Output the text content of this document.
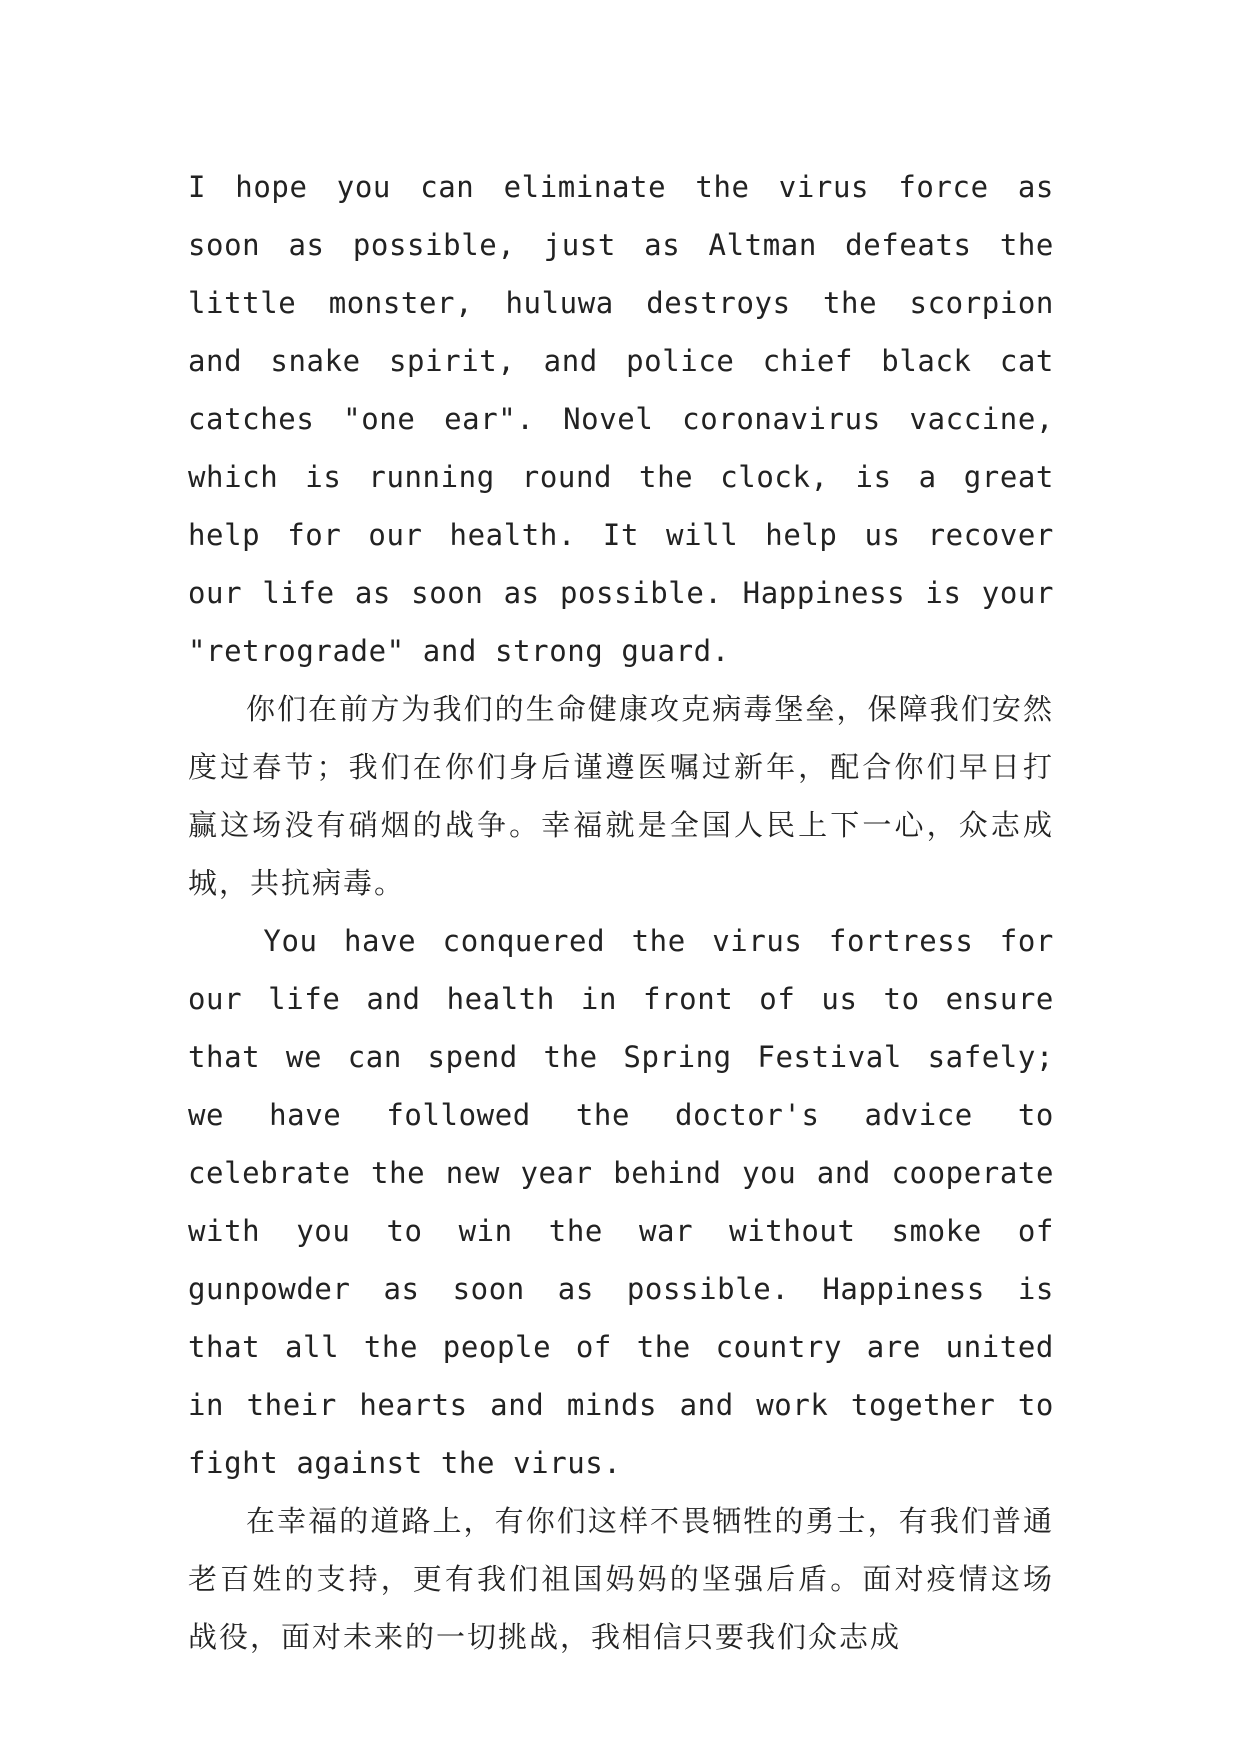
I hope you can eliminate the virus force as soon as possible, just as Altman defeats the little monster, huluwa destroys the scorpion and snake spirit, and police chief black cat catches "one ear". Novel coronavirus vaccine, which is running round the clock, is a great help for our health. It will help us recover our life as soon as possible. Happiness is your "retrograde" and strong guard.

你们在前方为我们的生命健康攻克病毒堡垒，保障我们安然度过春节；我们在你们身后谨遵医嘱过新年，配合你们早日打赢这场没有硝烟的战争。幸福就是全国人民上下一心，众志成城，共抗病毒。

You have conquered the virus fortress for our life and health in front of us to ensure that we can spend the Spring Festival safely; we have followed the doctor's advice to celebrate the new year behind you and cooperate with you to win the war without smoke of gunpowder as soon as possible. Happiness is that all the people of the country are united in their hearts and minds and work together to fight against the virus.

在幸福的道路上，有你们这样不畏牺牲的勇士，有我们普通老百姓的支持，更有我们祖国妈妈的坚强后盾。面对疫情这场战役，面对未来的一切挑战，我相信只要我们众志成
